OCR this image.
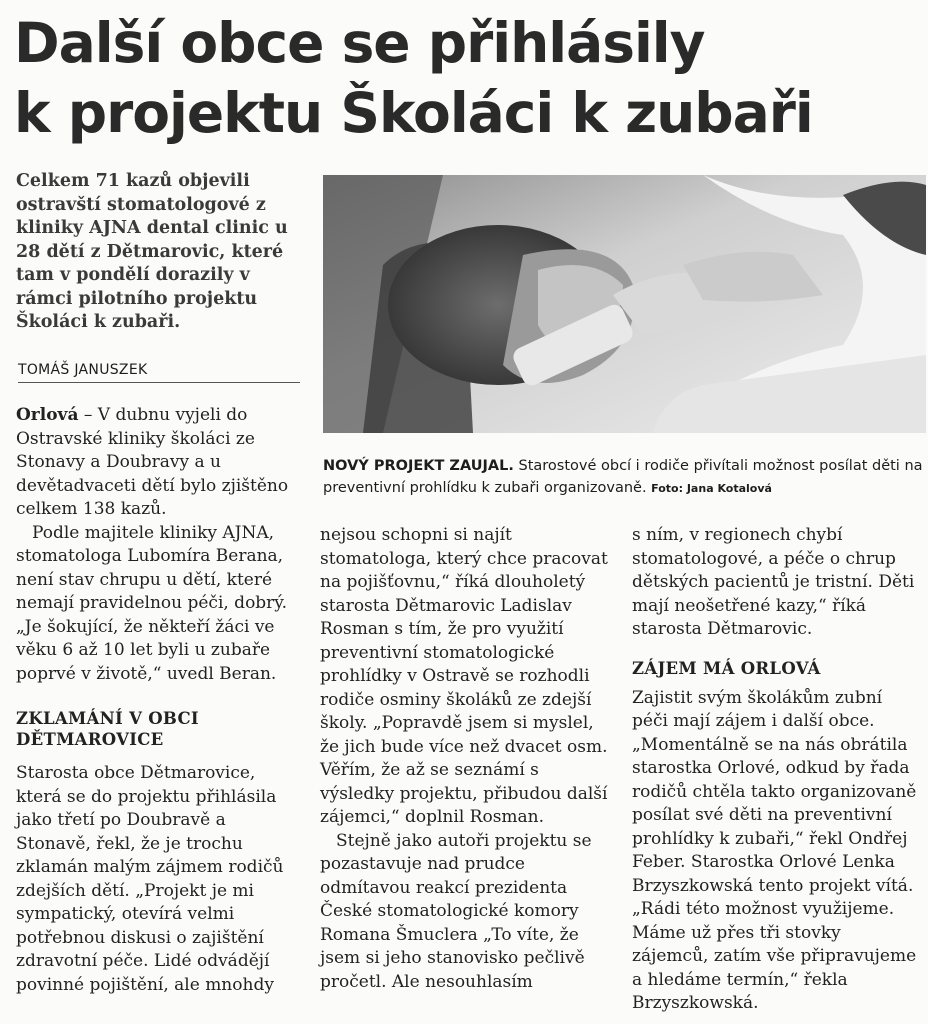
Další obce se přihlásily
k projektu Školáci k zubaři

Celkem 71 kazů objevili ostravští stomatologové z kliniky AJNA dental clinic u 28 dětí z Dětmarovic, které tam v pondělí dorazily v rámci pilotního projektu Školáci k zubaři.

TOMÁŠ JANUSZEK
NOVÝ PROJEKT ZAUJAL. Starostové obcí i rodiče přivítali možnost posílat děti na preventivní prohlídku k zubaři organizovaně. Foto: Jana Kotalová

Orlová – V dubnu vyjeli do Ostravské kliniky školáci ze Stonavy a Doubravy a u devětadvaceti dětí bylo zjištěno celkem 138 kazů.

Podle majitele kliniky AJNA, stomatologa Lubomíra Berana, není stav chrupu u dětí, které nemají pravidelnou péči, dobrý. „Je šokující, že někteří žáci ve věku 6 až 10 let byli u zubaře poprvé v životě,“ uvedl Beran.

ZKLAMÁNÍ V OBCI DĚTMAROVICE

Starosta obce Dětmarovice, která se do projektu přihlásila jako třetí po Doubravě a Stonavě, řekl, že je trochu zklamán malým zájmem rodičů zdejších dětí. „Projekt je mi sympatický, otevírá velmi potřebnou diskusi o zajištění zdravotní péče. Lidé odvádějí povinné pojištění, ale mnohdy

nejsou schopni si najít stomatologa, který chce pracovat na pojišťovnu,“ říká dlouholetý starosta Dětmarovic Ladislav Rosman s tím, že pro využití preventivní stomatologické prohlídky v Ostravě se rozhodli rodiče osminy školáků ze zdejší školy. „Popravdě jsem si myslel, že jich bude více než dvacet osm. Věřím, že až se seznámí s výsledky projektu, přibudou další zájemci,“ doplnil Rosman.

Stejně jako autoři projektu se pozastavuje nad prudce odmítavou reakcí prezidenta České stomatologické komory Romana Šmuclera „To víte, že jsem si jeho stanovisko pečlivě pročetl. Ale nesouhlasím

s ním, v regionech chybí stomatologové, a péče o chrup dětských pacientů je tristní. Děti mají neošetřené kazy,“ říká starosta Dětmarovic.

ZÁJEM MÁ ORLOVÁ

Zajistit svým školákům zubní péči mají zájem i další obce. „Momentálně se na nás obrátila starostka Orlové, odkud by řada rodičů chtěla takto organizovaně posílat své děti na preventivní prohlídky k zubaři,“ řekl Ondřej Feber. Starostka Orlové Lenka Brzyszkowská tento projekt vítá. „Rádi této možnost využijeme. Máme už přes tři stovky zájemců, zatím vše připravujeme a hledáme termín,“ řekla Brzyszkowská.
